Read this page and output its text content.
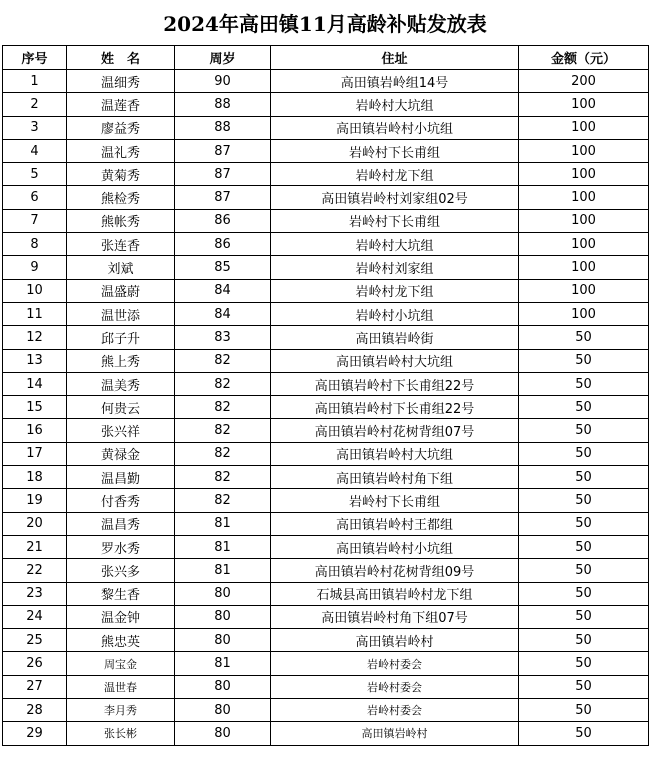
2024年高田镇11月高龄补贴发放表
序号	姓　名	周岁	住址	金额（元）
1	温细秀	90	高田镇岩岭组14号	200
2	温莲香	88	岩岭村大坑组	100
3	廖益秀	88	高田镇岩岭村小坑组	100
4	温礼秀	87	岩岭村下长甫组	100
5	黄菊秀	87	岩岭村龙下组	100
6	熊检秀	87	高田镇岩岭村刘家组02号	100
7	熊帐秀	86	岩岭村下长甫组	100
8	张连香	86	岩岭村大坑组	100
9	刘斌	85	岩岭村刘家组	100
10	温盛蔚	84	岩岭村龙下组	100
11	温世添	84	岩岭村小坑组	100
12	邱子升	83	高田镇岩岭街	50
13	熊上秀	82	高田镇岩岭村大坑组	50
14	温美秀	82	高田镇岩岭村下长甫组22号	50
15	何贵云	82	高田镇岩岭村下长甫组22号	50
16	张兴祥	82	高田镇岩岭村花树背组07号	50
17	黄禄金	82	高田镇岩岭村大坑组	50
18	温昌勤	82	高田镇岩岭村角下组	50
19	付香秀	82	岩岭村下长甫组	50
20	温昌秀	81	高田镇岩岭村王都组	50
21	罗水秀	81	高田镇岩岭村小坑组	50
22	张兴多	81	高田镇岩岭村花树背组09号	50
23	黎生香	80	石城县高田镇岩岭村龙下组	50
24	温金钟	80	高田镇岩岭村角下组07号	50
25	熊忠英	80	高田镇岩岭村	50
26	周宝金	81	岩岭村委会	50
27	温世春	80	岩岭村委会	50
28	李月秀	80	岩岭村委会	50
29	张长彬	80	高田镇岩岭村	50
